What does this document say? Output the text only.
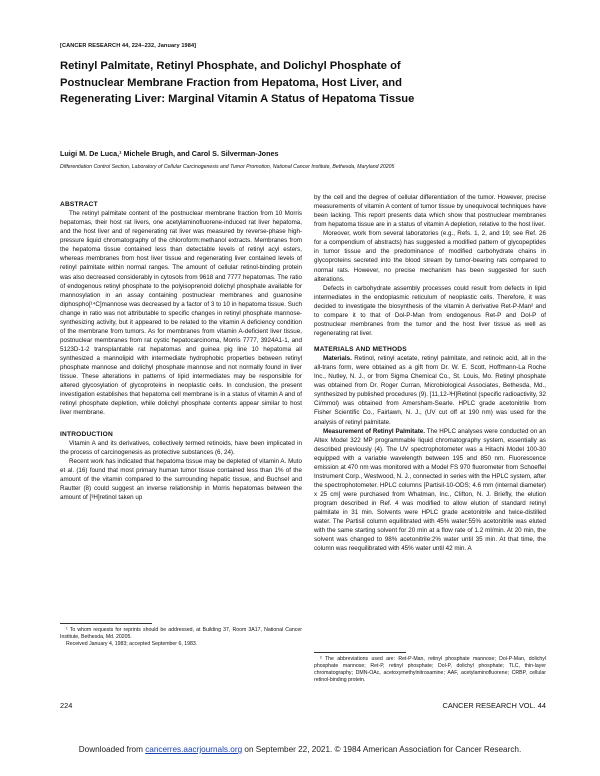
[CANCER RESEARCH 44, 224–232, January 1984]
Retinyl Palmitate, Retinyl Phosphate, and Dolichyl Phosphate of Postnuclear Membrane Fraction from Hepatoma, Host Liver, and Regenerating Liver: Marginal Vitamin A Status of Hepatoma Tissue
Luigi M. De Luca,¹ Michele Brugh, and Carol S. Silverman-Jones
Differentiation Control Section, Laboratory of Cellular Carcinogenesis and Tumor Promotion, National Cancer Institute, Bethesda, Maryland 20205
ABSTRACT

The retinyl palmitate content of the postnuclear membrane fraction from 10 Morris hepatomas, their host rat livers, one acetylaminofluorene-induced rat liver hepatoma, and the host liver and of regenerating rat liver was measured by reverse-phase high-pressure liquid chromatography of the chloroform:methanol extracts. Membranes from the hepatoma tissue contained less than detectable levels of retinyl acyl esters, whereas membranes from host liver tissue and regenerating liver contained levels of retinyl palmitate within normal ranges. The amount of cellular retinol-binding protein was also decreased considerably in cytosols from 9618 and 7777 hepatomas. The ratio of endogenous retinyl phosphate to the polyisoprenoid dolichyl phosphate available for mannosylation in an assay containing postnuclear membranes and guanosine diphospho[¹⁴C]mannose was decreased by a factor of 3 to 10 in hepatoma tissue. Such change in ratio was not attributable to specific changes in retinyl phosphate mannose-synthesizing activity, but it appeared to be related to the vitamin A deficiency condition of the membrane from tumors. As for membranes from vitamin A-deficient liver tissue, postnuclear membranes from rat cystic hepatocarcinoma, Morris 7777, 3924A1-1, and 5123D-1-2 transplantable rat hepatomas and guinea pig line 10 hepatoma all synthesized a mannolipid with intermediate hydrophobic properties between retinyl phosphate mannose and dolichyl phosphate mannose and not normally found in liver tissue. These alterations in patterns of lipid intermediates may be responsible for altered glycosylation of glycoproteins in neoplastic cells. In conclusion, the present investigation establishes that hepatoma cell membrane is in a status of vitamin A and of retinyl phosphate depletion, while dolichyl phosphate contents appear similar to host liver membrane.

INTRODUCTION

Vitamin A and its derivatives, collectively termed retinoids, have been implicated in the process of carcinogenesis as protective substances (6, 24).

Recent work has indicated that hepatoma tissue may be depleted of vitamin A. Muto et al. (16) found that most primary human tumor tissue contained less than 1% of the amount of the vitamin compared to the surrounding hepatic tissue, and Buchsel and Rautter (8) could suggest an inverse relationship in Morris hepatomas between the amount of [³H]retinol taken up

¹ To whom requests for reprints should be addressed, at Building 37, Room 3A17, National Cancer Institute, Bethesda, Md. 20205.

Received January 4, 1983; accepted September 6, 1983.

by the cell and the degree of cellular differentiation of the tumor. However, precise measurements of vitamin A content of tumor tissue by unequivocal techniques have been lacking. This report presents data which show that postnuclear membranes from hepatoma tissue are in a status of vitamin A depletion, relative to the host liver.

Moreover, work from several laboratories (e.g., Refs. 1, 2, and 19; see Ref. 26 for a compendium of abstracts) has suggested a modified pattern of glycopeptides in tumor tissue and the predominance of modified carbohydrate chains in glycoproteins secreted into the blood stream by tumor-bearing rats compared to normal rats. However, no precise mechanism has been suggested for such alterations.

Defects in carbohydrate assembly processes could result from defects in lipid intermediates in the endoplasmic reticulum of neoplastic cells. Therefore, it was decided to investigate the biosynthesis of the vitamin A derivative Ret-P-Man² and to compare it to that of Dol-P-Man from endogenous Ret-P and Dol-P of postnuclear membranes from the tumor and the host liver tissue as well as regenerating rat liver.

MATERIALS AND METHODS

Materials. Retinol, retinyl acetate, retinyl palmitate, and retinoic acid, all in the all-trans form, were obtained as a gift from Dr. W. E. Scott, Hoffmann-La Roche Inc., Nutley, N. J., or from Sigma Chemical Co., St. Louis, Mo. Retinyl phosphate was obtained from Dr. Roger Curran, Microbiological Associates, Bethesda, Md., synthesized by published procedures (9). [11,12-³H]Retinol (specific radioactivity, 32 Ci/mmol) was obtained from Amersham-Searle. HPLC grade acetonitrile from Fisher Scientific Co., Fairlawn, N. J., (UV cut off at 190 nm) was used for the analysis of retinyl palmitate.

Measurement of Retinyl Palmitate. The HPLC analyses were conducted on an Altex Model 322 MP programmable liquid chromatography system, essentially as described previously (4). The UV spectrophotometer was a Hitachi Model 100-30 equipped with a variable wavelength between 195 and 850 nm. Fluorescence emission at 470 nm was monitored with a Model FS 970 fluorometer from Schoeffel Instrument Corp., Westwood, N. J., connected in series with the HPLC system, after the spectrophotometer. HPLC columns [Partisil-10-ODS; 4.6 mm (internal diameter) x 25 cm] were purchased from Whatman, Inc., Clifton, N. J. Briefly, the elution program described in Ref. 4 was modified to allow elution of standard retinyl palmitate in 31 min. Solvents were HPLC grade acetonitrile and twice-distilled water. The Partisil column equilibrated with 45% water:55% acetonitrile was eluted with the same starting solvent for 20 min at a flow rate of 1.2 ml/min. At 20 min, the solvent was changed to 98% acetonitrile:2% water until 35 min. At that time, the column was reequilibrated with 45% water until 42 min. A

² The abbreviations used are: Ret-P-Man, retinyl phosphate mannose; Dol-P-Man, dolichyl phosphate mannose; Ret-P, retinyl phosphate; Dol-P, dolichyl phosphate; TLC, thin-layer chromatography; DMN-OAc, acetoxymethylnitrosamine; AAF, acetylaminofluorene; CRBP, cellular retinol-binding protein.

224	CANCER RESEARCH VOL. 44
Downloaded from cancerres.aacrjournals.org on September 22, 2021. © 1984 American Association for Cancer Research.
